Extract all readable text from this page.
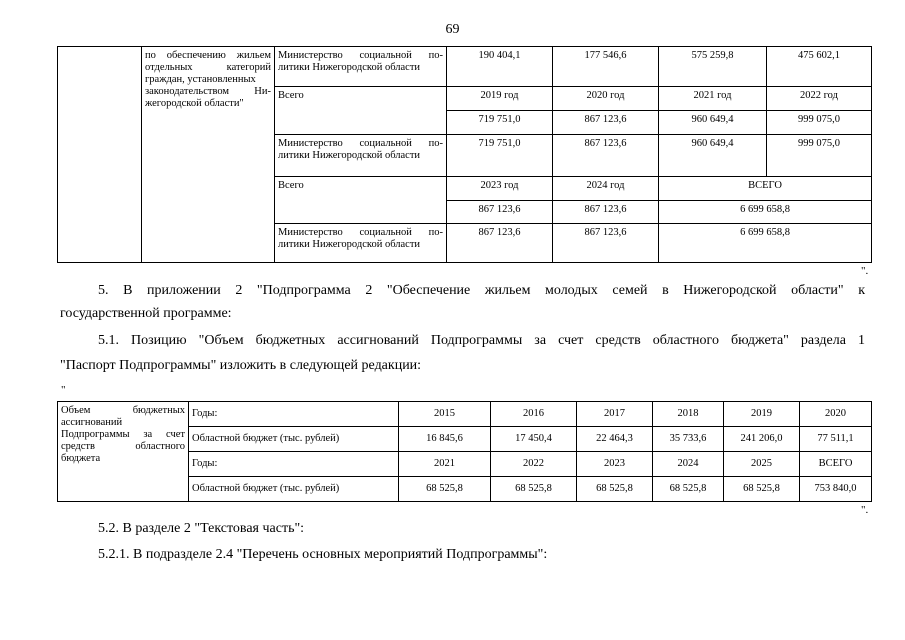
69
по обеспечению жильем
отдельных категорий
граждан, установленных
законодательством Ни-
жегородской области"
Министерство социальной по-
литики Нижегородской области
190 404,1	177 546,6	575 259,8	475 602,1
Всего	2019 год	2020 год	2021 год	2022 год
719 751,0	867 123,6	960 649,4	999 075,0
Министерство социальной по-
литики Нижегородской области
719 751,0	867 123,6	960 649,4	999 075,0
Всего	2023 год	2024 год	ВСЕГО
867 123,6	867 123,6	6 699 658,8
Министерство социальной по-
литики Нижегородской области
867 123,6	867 123,6	6 699 658,8
".
5. В приложении 2 "Подпрограмма 2 "Обеспечение жильем молодых семей в Нижегородской области" к
государственной программе:
5.1. Позицию "Объем бюджетных ассигнований Подпрограммы за счет средств областного бюджета" раздела 1
"Паспорт Подпрограммы" изложить в следующей редакции:
"
Объем бюджетных
ассигнований
Подпрограммы за счет
средств областного
бюджета
Годы:	2015	2016	2017	2018	2019	2020
Областной бюджет (тыс. рублей)	16 845,6	17 450,4	22 464,3	35 733,6	241 206,0	77 511,1
Годы:	2021	2022	2023	2024	2025	ВСЕГО
Областной бюджет (тыс. рублей)	68 525,8	68 525,8	68 525,8	68 525,8	68 525,8	753 840,0
".
5.2. В разделе 2 "Текстовая часть":
5.2.1. В подразделе 2.4 "Перечень основных мероприятий Подпрограммы":
